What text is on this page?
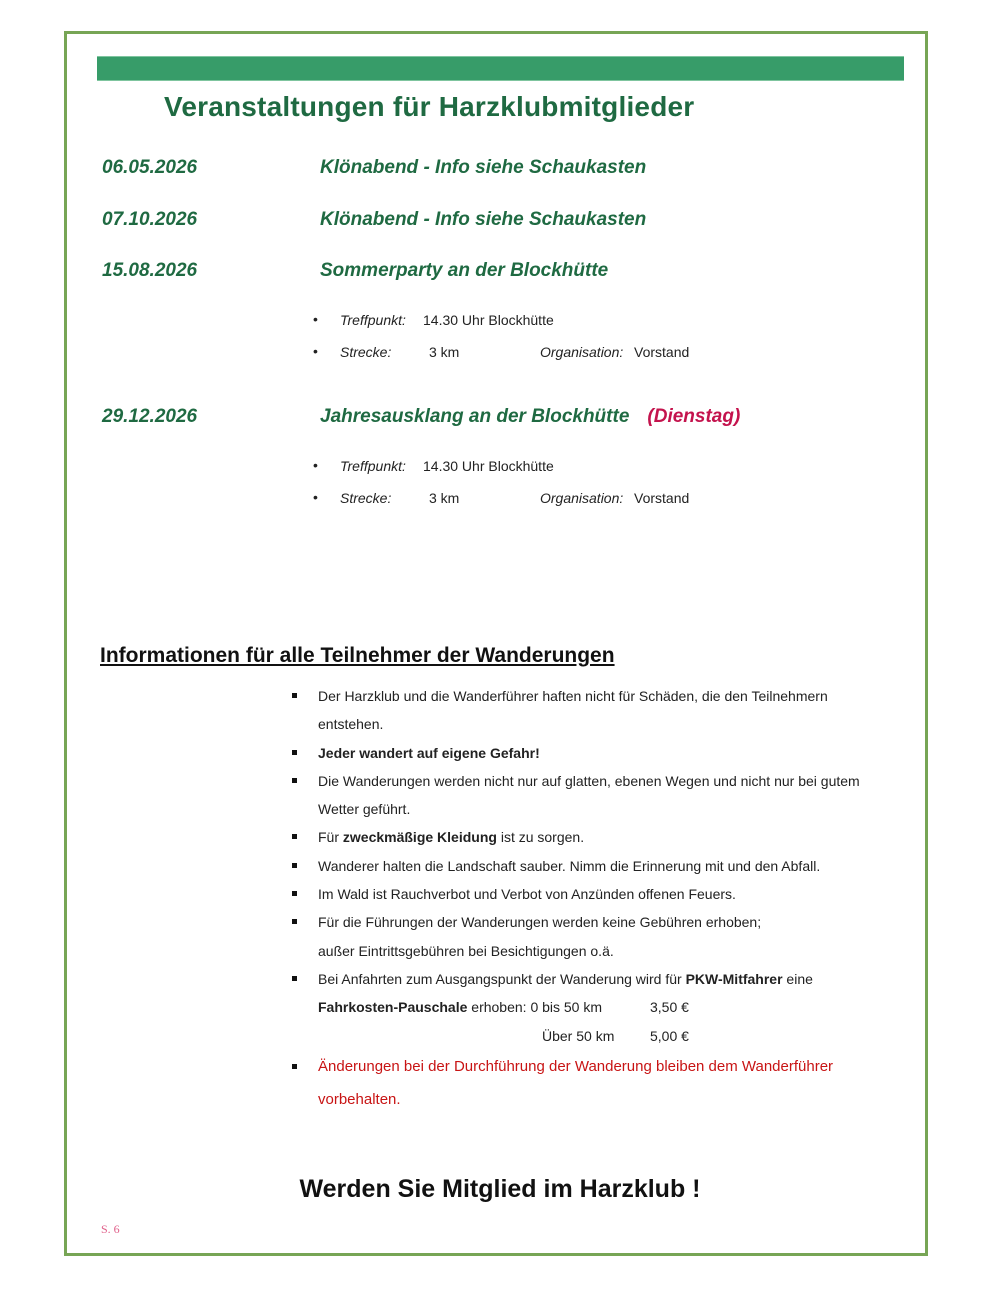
Veranstaltungen für Harzklubmitglieder
06.05.2026	Klönabend - Info siehe Schaukasten
07.10.2026	Klönabend - Info siehe Schaukasten
15.08.2026	Sommerparty an der Blockhütte
• Treffpunkt: 14.30 Uhr Blockhütte
• Strecke:	3 km	Organisation: Vorstand
29.12.2026	Jahresausklang an der Blockhütte (Dienstag)
• Treffpunkt: 14.30 Uhr Blockhütte
• Strecke:	3 km	Organisation: Vorstand
Informationen für alle Teilnehmer der Wanderungen
Der Harzklub und die Wanderführer haften nicht für Schäden, die den Teilnehmern
entstehen.
Jeder wandert auf eigene Gefahr!
Die Wanderungen werden nicht nur auf glatten, ebenen Wegen und nicht nur bei gutem
Wetter geführt.
Für zweckmäßige Kleidung ist zu sorgen.
Wanderer halten die Landschaft sauber. Nimm die Erinnerung mit und den Abfall.
Im Wald ist Rauchverbot und Verbot von Anzünden offenen Feuers.
Für die Führungen der Wanderungen werden keine Gebühren erhoben;
außer Eintrittsgebühren bei Besichtigungen o.ä.
Bei Anfahrten zum Ausgangspunkt der Wanderung wird für PKW-Mitfahrer eine
Fahrkosten-Pauschale erhoben: 0 bis 50 km	3,50 €
Über 50 km	5,00 €

Änderungen bei der Durchführung der Wanderung bleiben dem Wanderführer
vorbehalten.
Werden Sie Mitglied im Harzklub !
S. 6
